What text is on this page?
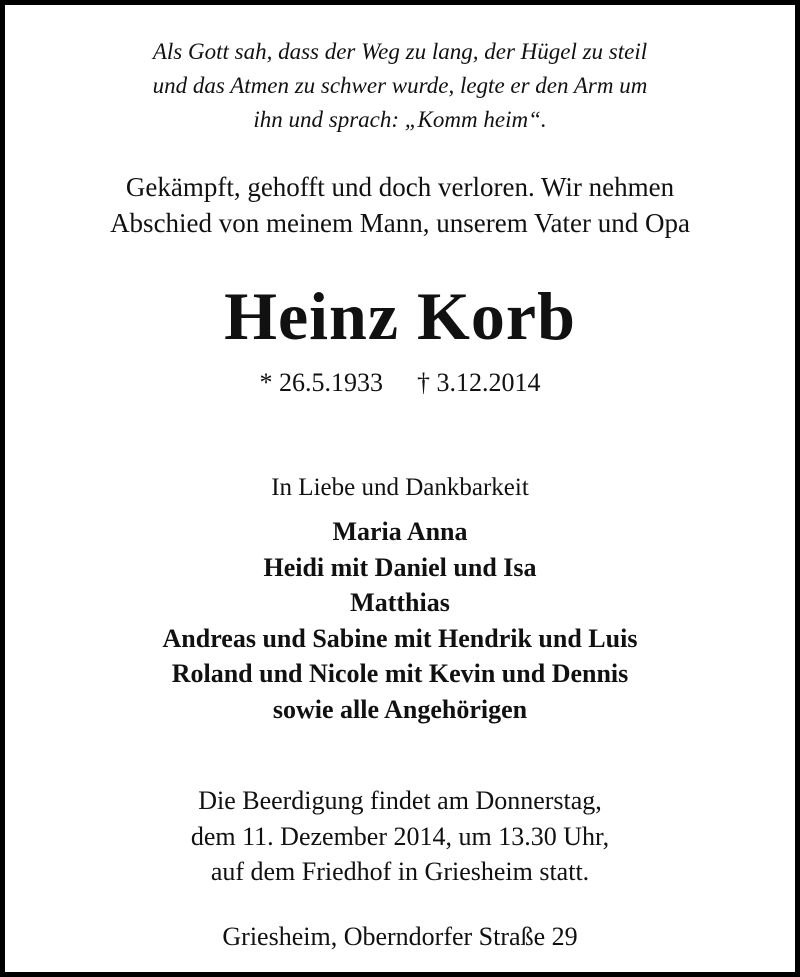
Als Gott sah, dass der Weg zu lang, der Hügel zu steil
und das Atmen zu schwer wurde, legte er den Arm um
ihn und sprach: „Komm heim“.
Gekämpft, gehofft und doch verloren. Wir nehmen
Abschied von meinem Mann, unserem Vater und Opa
Heinz Korb
* 26.5.1933 † 3.12.2014
In Liebe und Dankbarkeit
Maria Anna
Heidi mit Daniel und Isa
Matthias
Andreas und Sabine mit Hendrik und Luis
Roland und Nicole mit Kevin und Dennis
sowie alle Angehörigen
Die Beerdigung findet am Donnerstag,
dem 11. Dezember 2014, um 13.30 Uhr,
auf dem Friedhof in Griesheim statt.
Griesheim, Oberndorfer Straße 29
